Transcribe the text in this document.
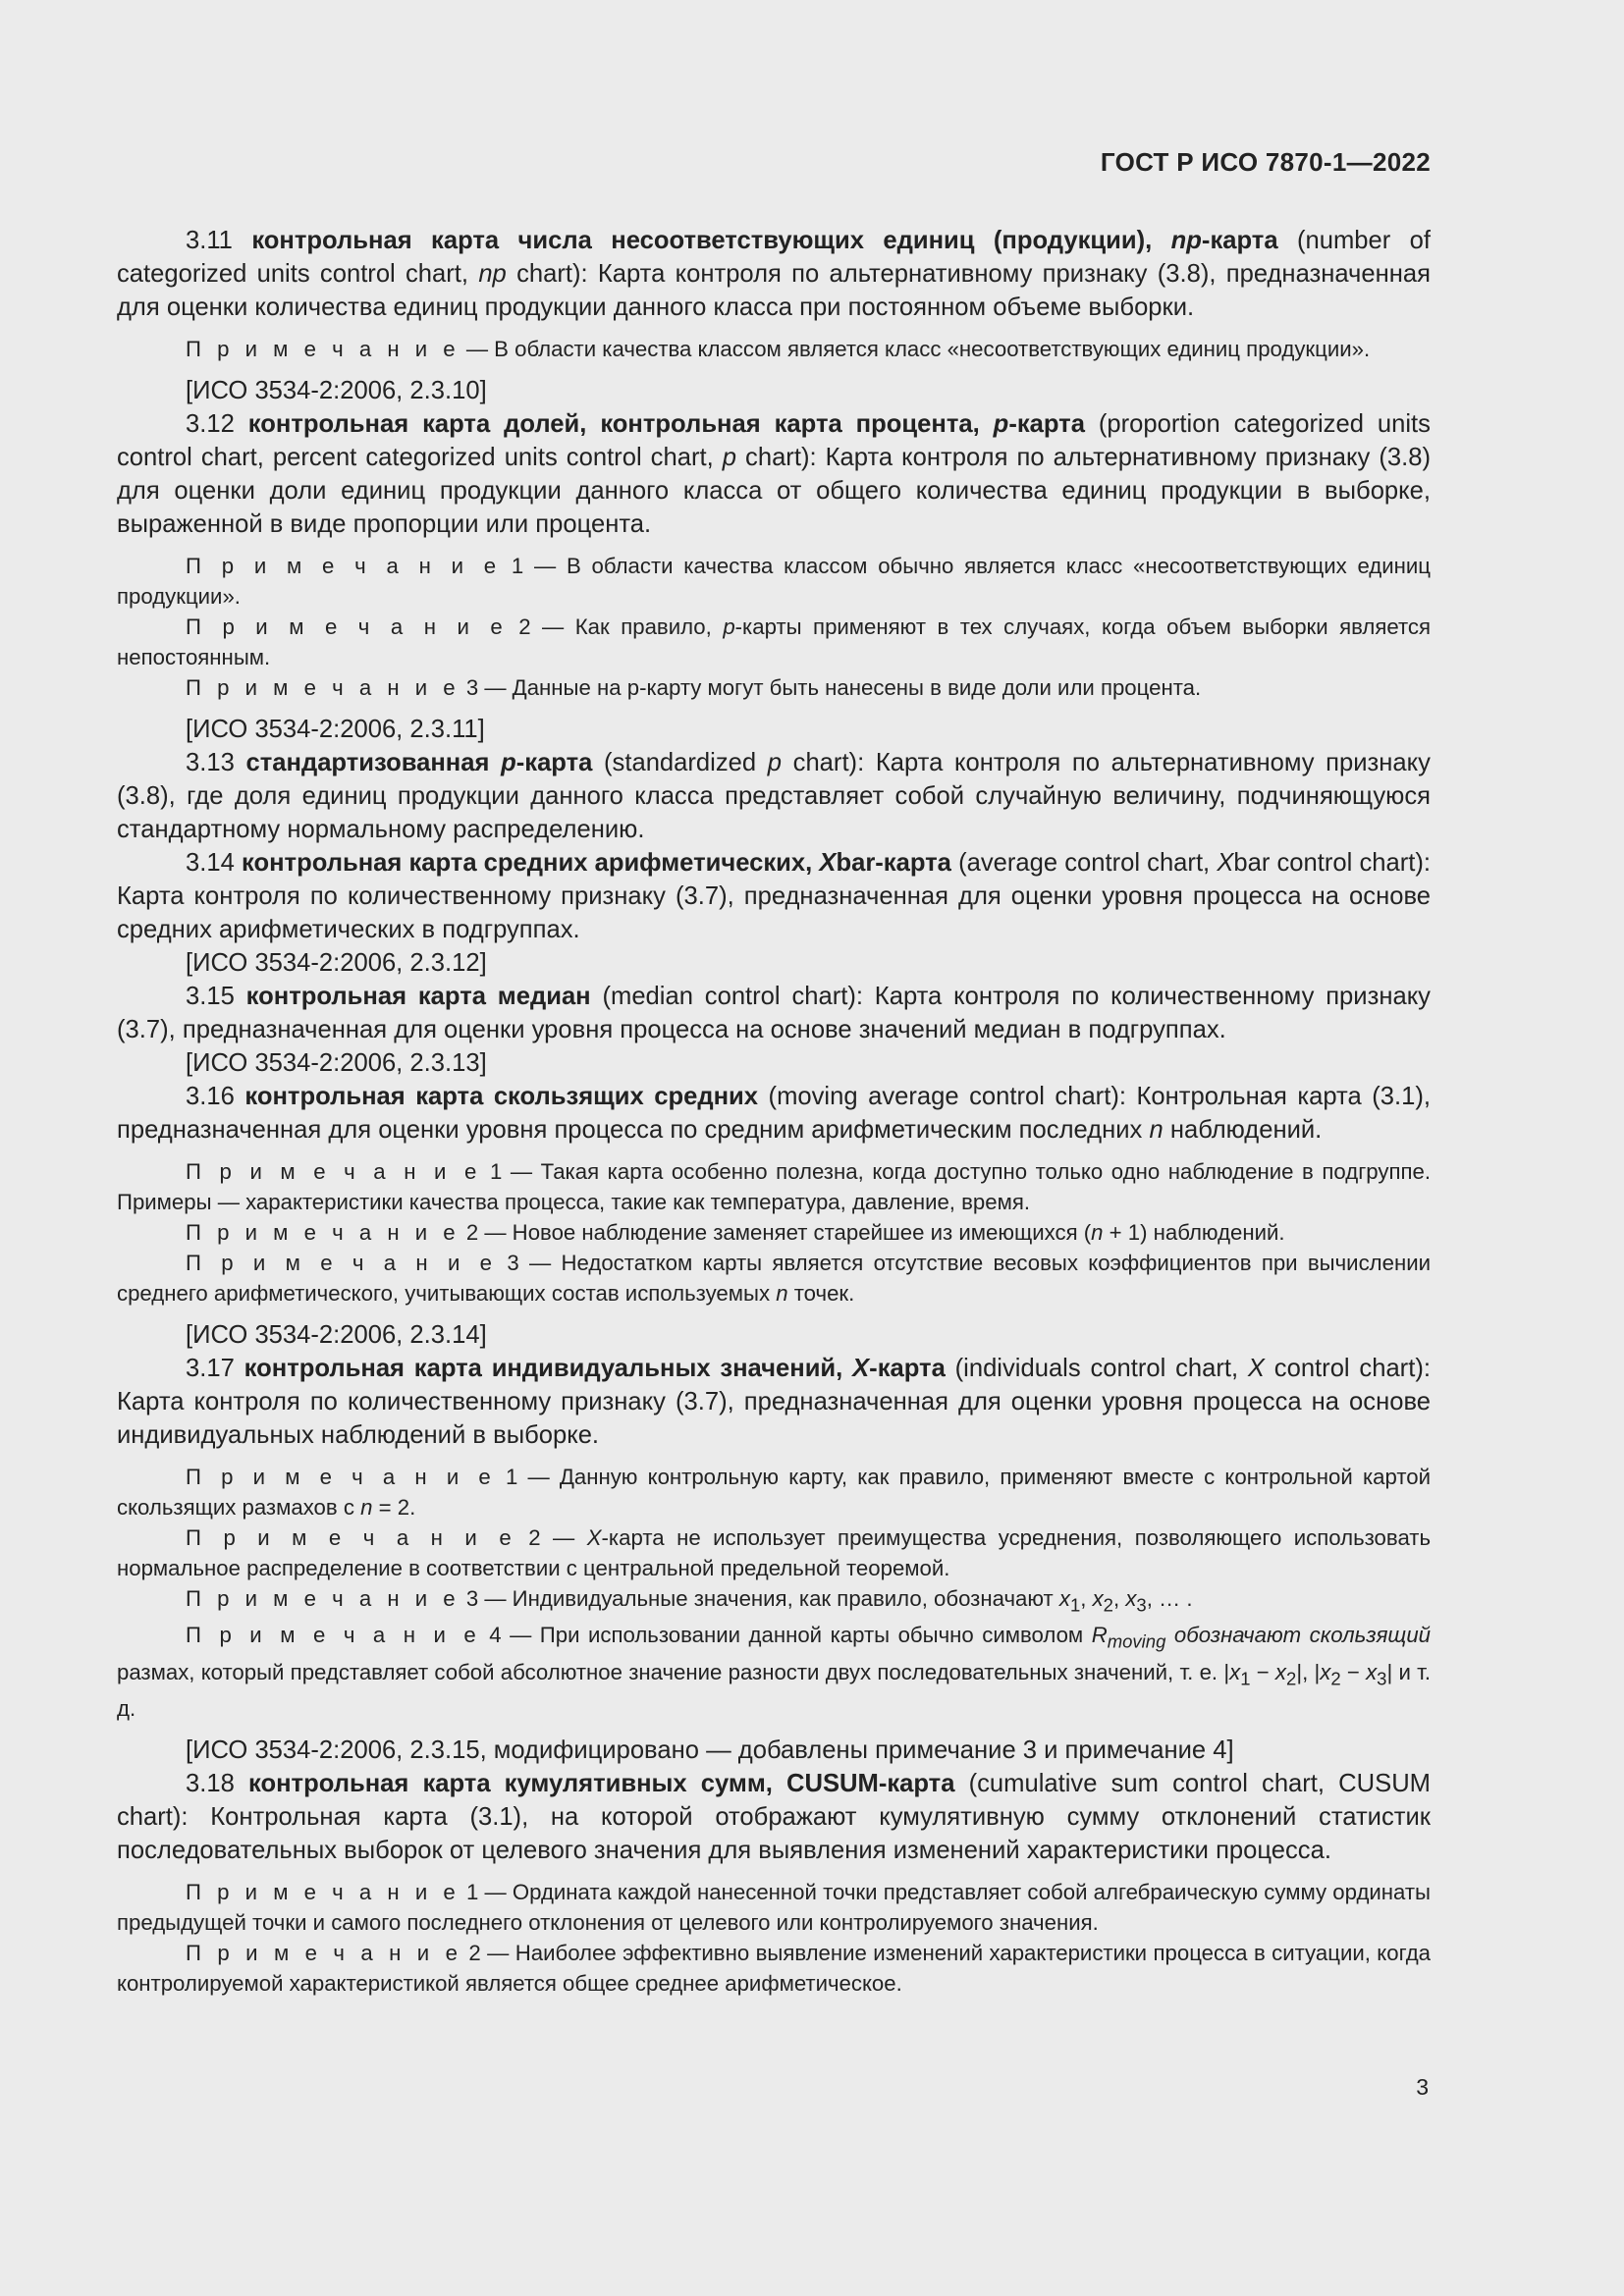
ГОСТ Р ИСО 7870-1—2022

3.11 контрольная карта числа несоответствующих единиц (продукции), np-карта (number of categorized units control chart, np chart): Карта контроля по альтернативному признаку (3.8), предназначенная для оценки количества единиц продукции данного класса при постоянном объеме выборки.

П р и м е ч а н и е — В области качества классом является класс «несоответствующих единиц продукции».

[ИСО 3534-2:2006, 2.3.10]

3.12 контрольная карта долей, контрольная карта процента, p-карта (proportion categorized units control chart, percent categorized units control chart, p chart): Карта контроля по альтернативному признаку (3.8) для оценки доли единиц продукции данного класса от общего количества единиц продукции в выборке, выраженной в виде пропорции или процента.

П р и м е ч а н и е 1 — В области качества классом обычно является класс «несоответствующих единиц продукции».

П р и м е ч а н и е 2 — Как правило, p-карты применяют в тех случаях, когда объем выборки является непостоянным.

П р и м е ч а н и е 3 — Данные на р-карту могут быть нанесены в виде доли или процента.

[ИСО 3534-2:2006, 2.3.11]

3.13 стандартизованная p-карта (standardized p chart): Карта контроля по альтернативному признаку (3.8), где доля единиц продукции данного класса представляет собой случайную величину, подчиняющуюся стандартному нормальному распределению.

3.14 контрольная карта средних арифметических, Xbar-карта (average control chart, Xbar control chart): Карта контроля по количественному признаку (3.7), предназначенная для оценки уровня процесса на основе средних арифметических в подгруппах.

[ИСО 3534-2:2006, 2.3.12]

3.15 контрольная карта медиан (median control chart): Карта контроля по количественному признаку (3.7), предназначенная для оценки уровня процесса на основе значений медиан в подгруппах.

[ИСО 3534-2:2006, 2.3.13]

3.16 контрольная карта скользящих средних (moving average control chart): Контрольная карта (3.1), предназначенная для оценки уровня процесса по средним арифметическим последних n наблюдений.

П р и м е ч а н и е 1 — Такая карта особенно полезна, когда доступно только одно наблюдение в подгруппе. Примеры — характеристики качества процесса, такие как температура, давление, время.

П р и м е ч а н и е 2 — Новое наблюдение заменяет старейшее из имеющихся (n + 1) наблюдений.

П р и м е ч а н и е 3 — Недостатком карты является отсутствие весовых коэффициентов при вычислении среднего арифметического, учитывающих состав используемых n точек.

[ИСО 3534-2:2006, 2.3.14]

3.17 контрольная карта индивидуальных значений, X-карта (individuals control chart, X control chart): Карта контроля по количественному признаку (3.7), предназначенная для оценки уровня процесса на основе индивидуальных наблюдений в выборке.

П р и м е ч а н и е 1 — Данную контрольную карту, как правило, применяют вместе с контрольной картой скользящих размахов с n = 2.

П р и м е ч а н и е 2 — X-карта не использует преимущества усреднения, позволяющего использовать нормальное распределение в соответствии с центральной предельной теоремой.

П р и м е ч а н и е 3 — Индивидуальные значения, как правило, обозначают $x_1$, $x_2$, $x_3$, … .

П р и м е ч а н и е 4 — При использовании данной карты обычно символом $R_{moving}$ обозначают скользящий размах, который представляет собой абсолютное значение разности двух последовательных значений, т. е. $|x_1 - x_2|$, $|x_2 - x_3|$ и т. д.

[ИСО 3534-2:2006, 2.3.15, модифицировано — добавлены примечание 3 и примечание 4]

3.18 контрольная карта кумулятивных сумм, CUSUM-карта (cumulative sum control chart, CUSUM chart): Контрольная карта (3.1), на которой отображают кумулятивную сумму отклонений статистик последовательных выборок от целевого значения для выявления изменений характеристики процесса.

П р и м е ч а н и е 1 — Ордината каждой нанесенной точки представляет собой алгебраическую сумму ординаты предыдущей точки и самого последнего отклонения от целевого или контролируемого значения.

П р и м е ч а н и е 2 — Наиболее эффективно выявление изменений характеристики процесса в ситуации, когда контролируемой характеристикой является общее среднее арифметическое.

3
